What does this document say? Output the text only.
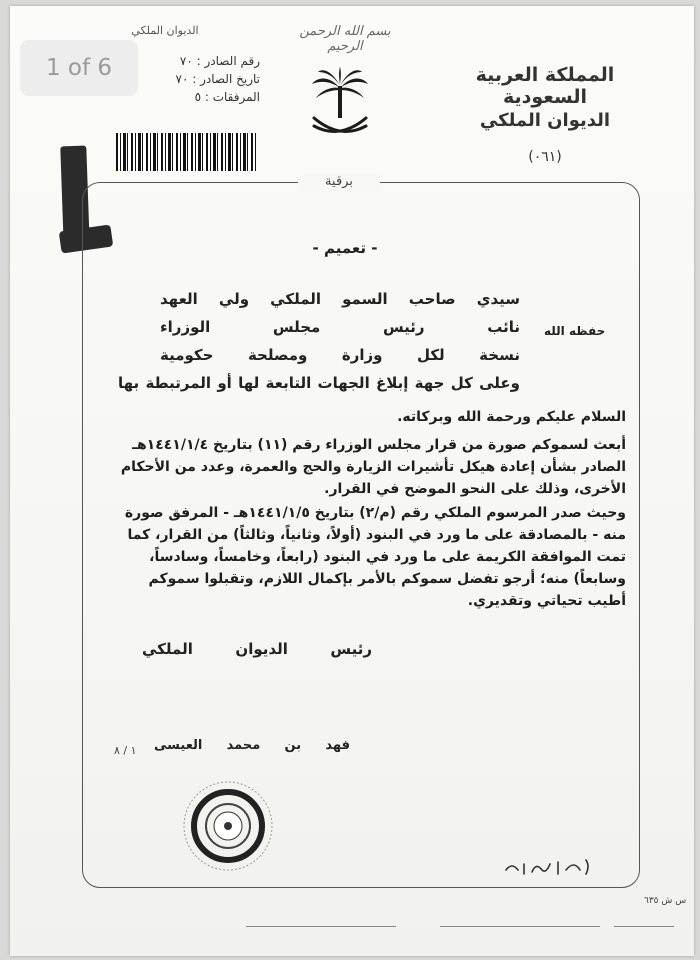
بسم الله الرحمن الرحيم
الديوان الملكي
رقم الصادر : ٧٠
تاريخ الصادر : ٧٠
المرفقات : ٥
المملكة العربية السعودية
الديوان الملكي
(٠٦١)
برقية
- تعميم -
سيدي صاحب السمو الملكي ولي العهد
نائب رئيس مجلس الوزراء
نسخة لكل وزارة ومصلحة حكومية
وعلى كل جهة إبلاغ الجهات التابعة لها أو المرتبطة بها
حفظه الله
السلام عليكم ورحمة الله وبركاته.
أبعث لسموكم صورة من قرار مجلس الوزراء رقم (١١) بتاريخ ١٤٤١/١/٤هـ الصادر بشأن إعادة هيكل تأشيرات الزيارة والحج والعمرة، وعدد من الأحكام الأخرى، وذلك على النحو الموضح في القرار.
وحيث صدر المرسوم الملكي رقم (م/٢) بتاريخ ١٤٤١/١/٥هـ - المرفق صورة منه - بالمصادقة على ما ورد في البنود (أولاً، وثانياً، وثالثاً) من القرار، كما تمت الموافقة الكريمة على ما ورد في البنود (رابعاً، وخامساً، وسادساً، وسابعاً) منه؛ أرجو تفضل سموكم بالأمر بإكمال اللازم، وتقبلوا سموكم أطيب تحياتي وتقديري.
رئيس الديوان الملكي
١ / ٨ فهد بن محمد العيسى
س ش ٦٣٥
1 of 6
